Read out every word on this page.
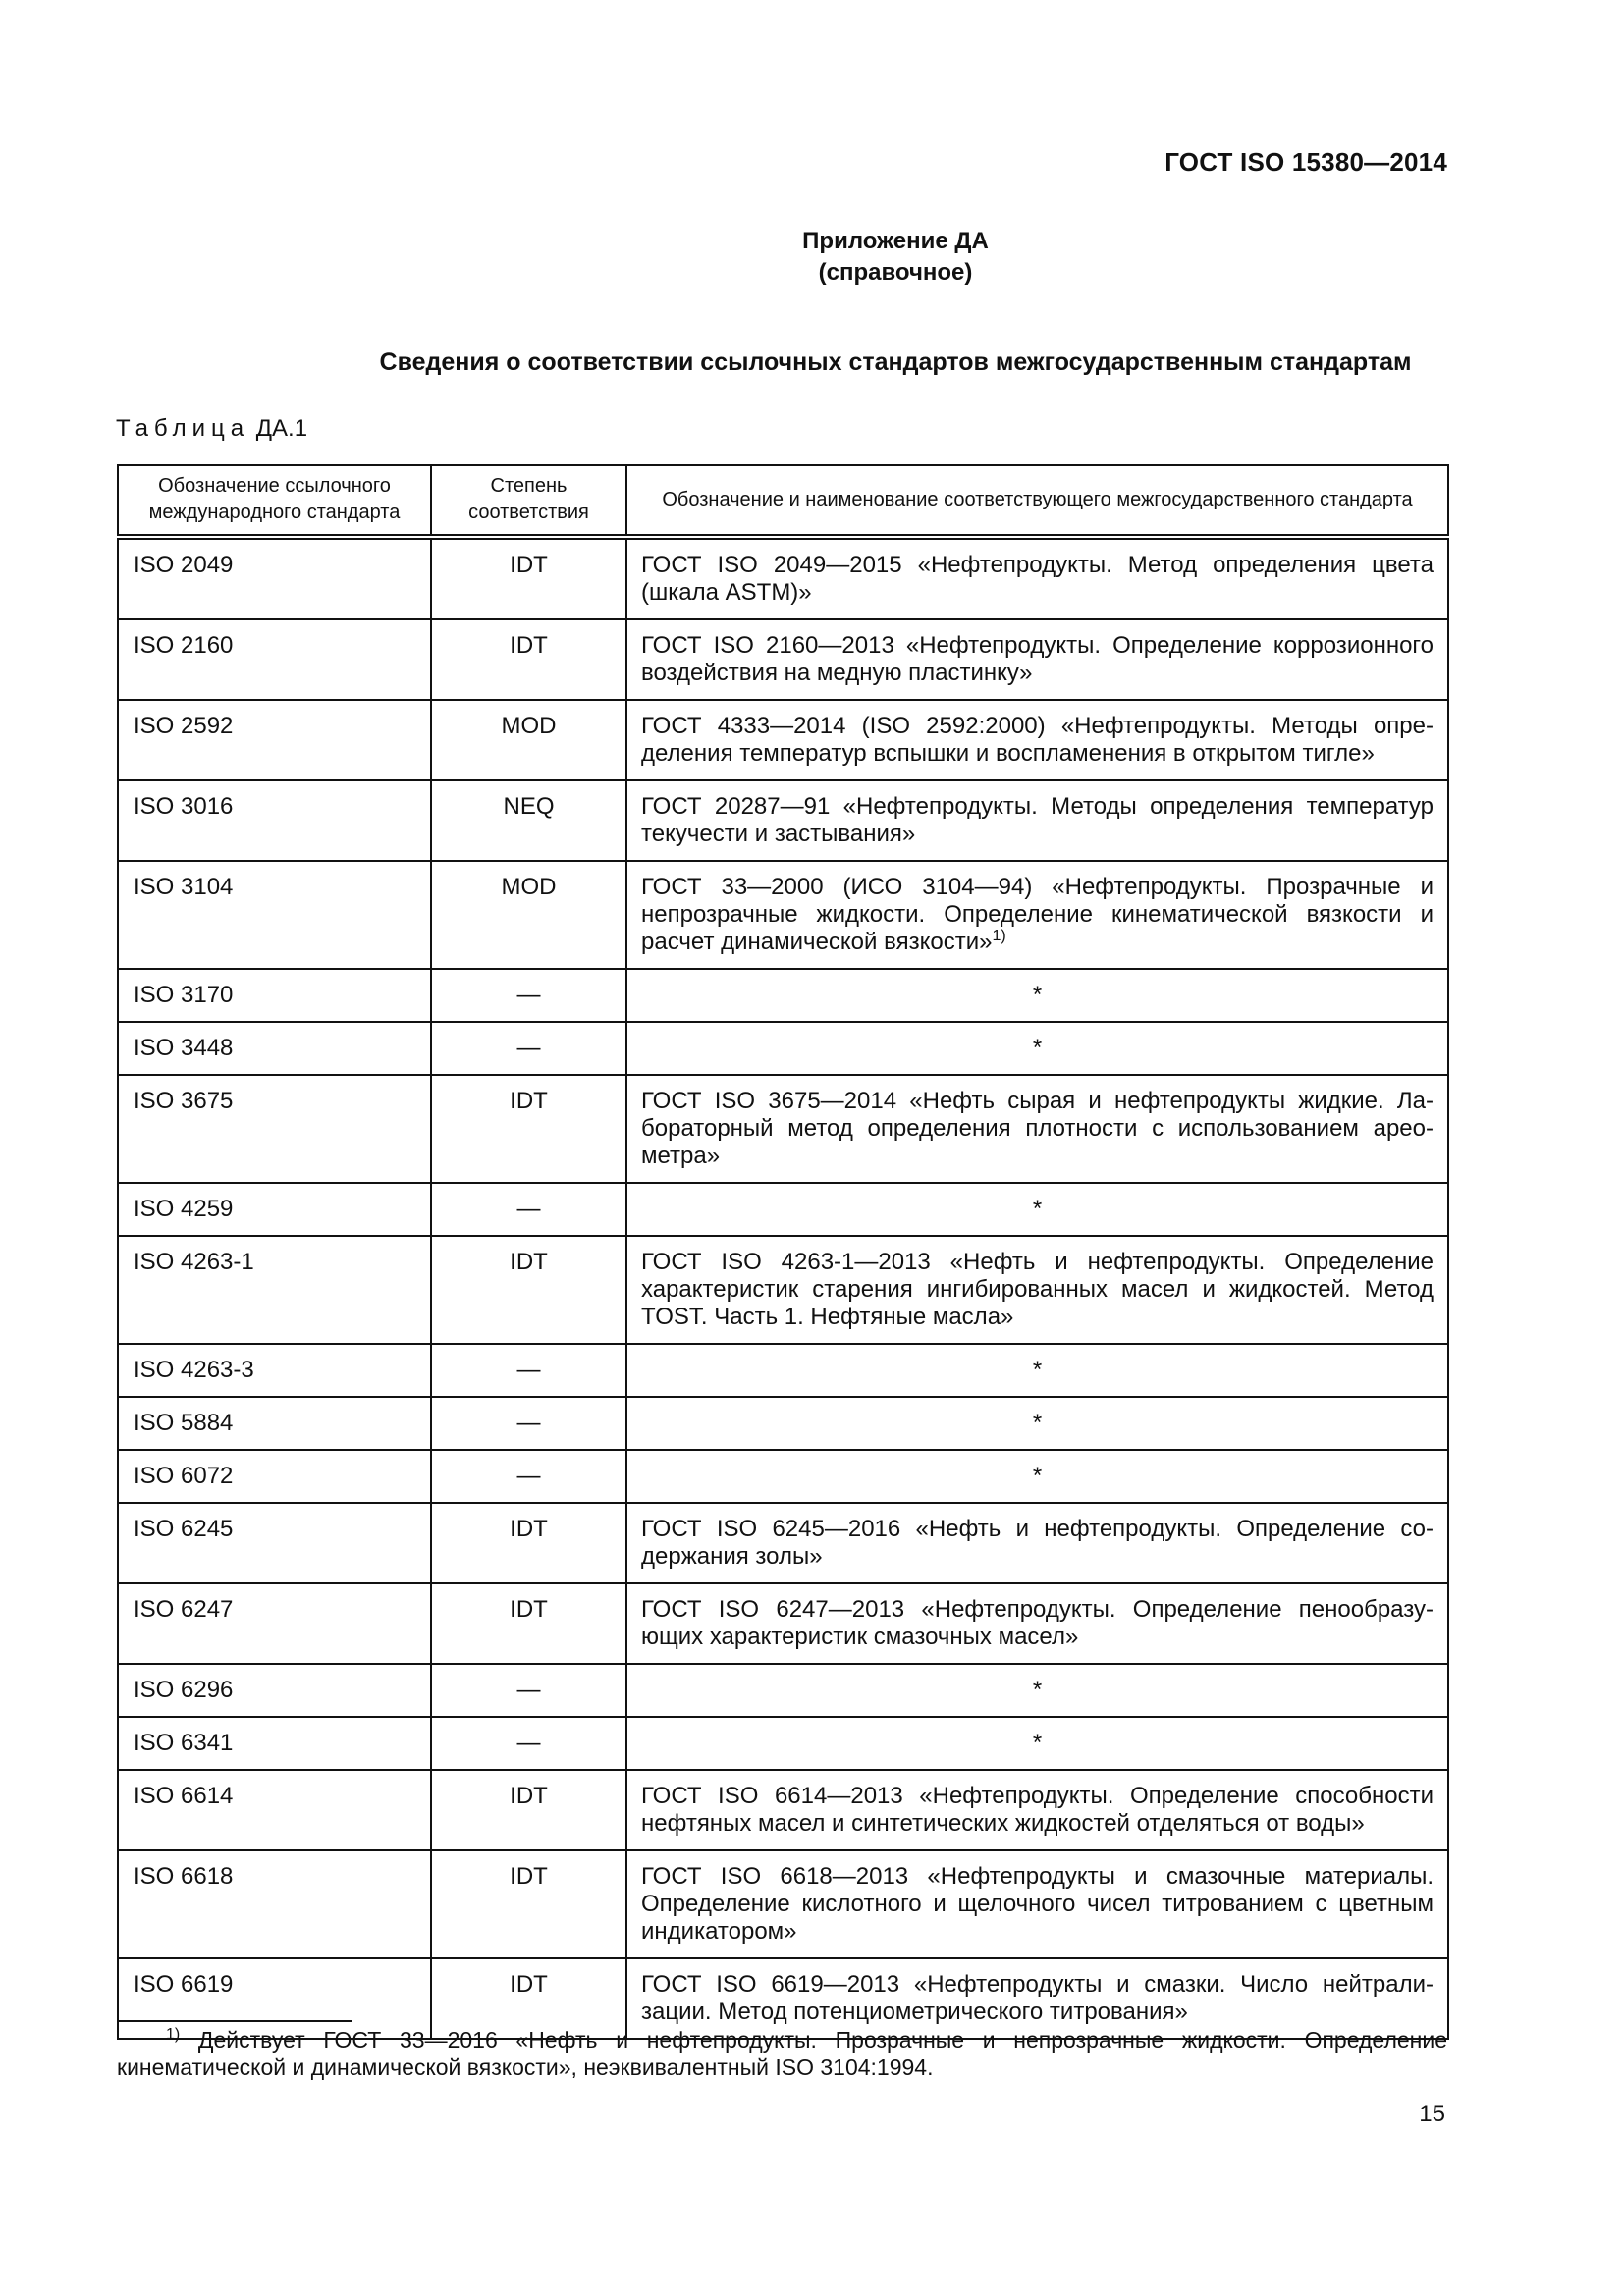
ГОСТ ISO 15380—2014
Приложение ДА
(справочное)
Сведения о соответствии ссылочных стандартов межгосударственным стандартам
Таблица ДА.1
Обозначение ссылочного международного стандарта	Степень соответствия	Обозначение и наименование соответствующего межгосударственного стандарта
ISO 2049	IDT	ГОСТ ISO 2049—2015 «Нефтепродукты. Метод определения цвета (шкала ASTM)»
ISO 2160	IDT	ГОСТ ISO 2160—2013 «Нефтепродукты. Определение коррозионного воздействия на медную пластинку»
ISO 2592	MOD	ГОСТ 4333—2014 (ISO 2592:2000) «Нефтепродукты. Методы определения температур вспышки и воспламенения в открытом тигле»
ISO 3016	NEQ	ГОСТ 20287—91 «Нефтепродукты. Методы определения температур текучести и застывания»
ISO 3104	MOD	ГОСТ 33—2000 (ИСО 3104—94) «Нефтепродукты. Прозрачные и непрозрачные жидкости. Определение кинематической вязкости и расчет динамической вязкости»$^{1)}$
ISO 3170	—	*
ISO 3448	—	*
ISO 3675	IDT	ГОСТ ISO 3675—2014 «Нефть сырая и нефтепродукты жидкие. Лабораторный метод определения плотности с использованием ареометра»
ISO 4259	—	*
ISO 4263-1	IDT	ГОСТ ISO 4263-1—2013 «Нефть и нефтепродукты. Определение характеристик старения ингибированных масел и жидкостей. Метод TOST. Часть 1. Нефтяные масла»
ISO 4263-3	—	*
ISO 5884	—	*
ISO 6072	—	*
ISO 6245	IDT	ГОСТ ISO 6245—2016 «Нефть и нефтепродукты. Определение содержания золы»
ISO 6247	IDT	ГОСТ ISO 6247—2013 «Нефтепродукты. Определение пенообразующих характеристик смазочных масел»
ISO 6296	—	*
ISO 6341	—	*
ISO 6614	IDT	ГОСТ ISO 6614—2013 «Нефтепродукты. Определение способности нефтяных масел и синтетических жидкостей отделяться от воды»
ISO 6618	IDT	ГОСТ ISO 6618—2013 «Нефтепродукты и смазочные материалы. Определение кислотного и щелочного чисел титрованием с цветным индикатором»
ISO 6619	IDT	ГОСТ ISO 6619—2013 «Нефтепродукты и смазки. Число нейтрализации. Метод потенциометрического титрования»
$^{1)}$ Действует ГОСТ 33—2016 «Нефть и нефтепродукты. Прозрачные и непрозрачные жидкости. Определение кинематической и динамической вязкости», неэквивалентный ISO 3104:1994.
15
